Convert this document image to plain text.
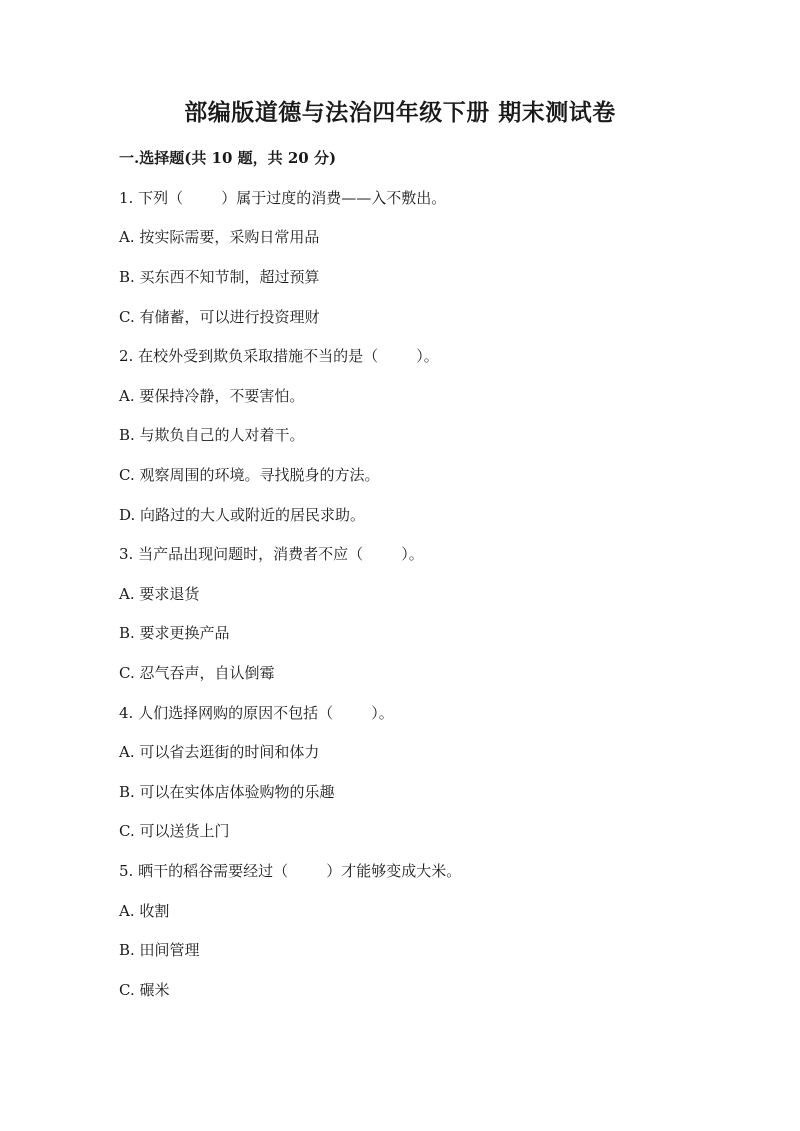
部编版道德与法治四年级下册 期末测试卷
一.选择题(共 10 题，共 20 分)
1. 下列（        ）属于过度的消费——入不敷出。
A. 按实际需要，采购日常用品
B. 买东西不知节制，超过预算
C. 有储蓄，可以进行投资理财
2. 在校外受到欺负采取措施不当的是（        ）。
A. 要保持冷静，不要害怕。
B. 与欺负自己的人对着干。
C. 观察周围的环境。寻找脱身的方法。
D. 向路过的大人或附近的居民求助。
3. 当产品出现问题时，消费者不应（        ）。
A. 要求退货
B. 要求更换产品
C. 忍气吞声，自认倒霉
4. 人们选择网购的原因不包括（        ）。
A. 可以省去逛街的时间和体力
B. 可以在实体店体验购物的乐趣
C. 可以送货上门
5. 晒干的稻谷需要经过（        ）才能够变成大米。
A. 收割
B. 田间管理
C. 碾米
